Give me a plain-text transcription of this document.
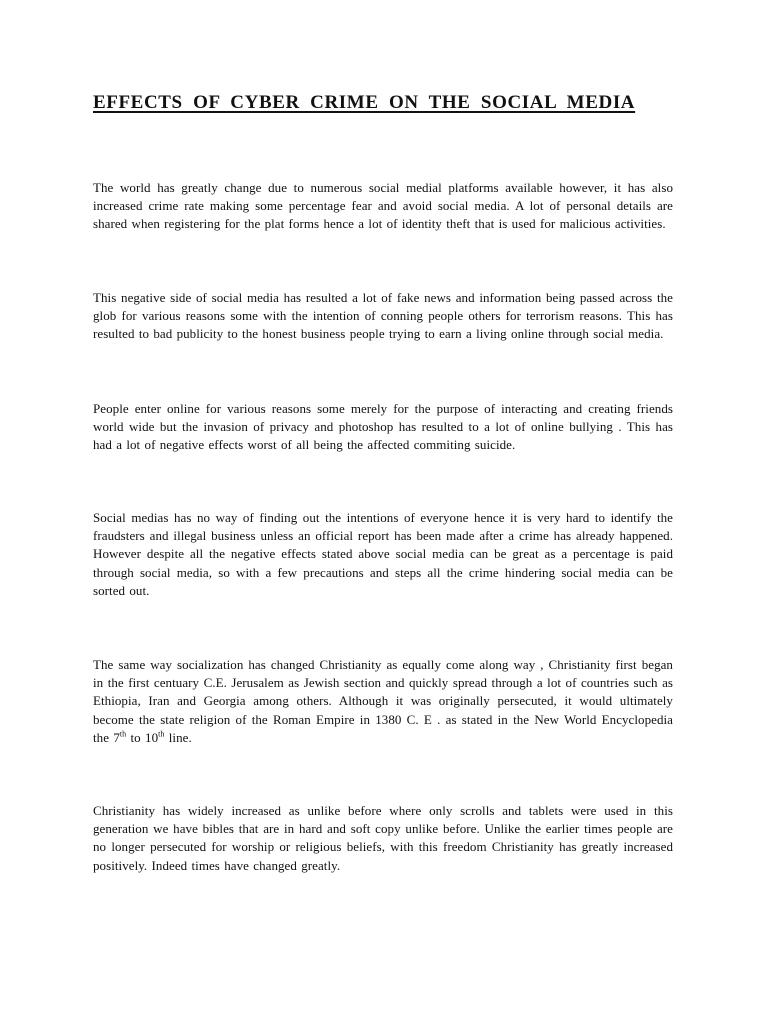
EFFECTS OF CYBER CRIME ON THE SOCIAL MEDIA

The world has greatly change due to numerous social medial platforms available however, it has also increased crime rate making some percentage fear and avoid social media. A lot of personal details are shared when registering for the plat forms hence a lot of identity theft that is used for malicious activities.

This negative side of social media has resulted a lot of fake news and information being passed across the glob for various reasons some with the intention of conning people others for terrorism reasons. This has resulted to bad publicity to the honest business people trying to earn a living online through social media.

People enter online for various reasons some merely for the purpose of interacting and creating friends world wide but the invasion of privacy and photoshop has resulted to a lot of online bullying . This has had a lot of negative effects worst of all being the affected commiting suicide.

Social medias has no way of finding out the intentions of everyone hence it is very hard to identify the fraudsters and illegal business unless an official report has been made after a crime has already happened. However despite all the negative effects stated above social media can be great as a percentage is paid through social media, so with a few precautions and steps all the crime hindering social media can be sorted out.

The same way socialization has changed Christianity as equally come along way , Christianity first began in the first centuary C.E. Jerusalem as Jewish section and quickly spread through a lot of countries such as Ethiopia, Iran and Georgia among others. Although it was originally persecuted, it would ultimately become the state religion of the Roman Empire in 1380 C. E . as stated in the New World Encyclopedia the 7th to 10th line.

Christianity has widely increased as unlike before where only scrolls and tablets were used in this generation we have bibles that are in hard and soft copy unlike before. Unlike the earlier times people are no longer persecuted for worship or religious beliefs, with this freedom Christianity has greatly increased positively. Indeed times have changed greatly.
